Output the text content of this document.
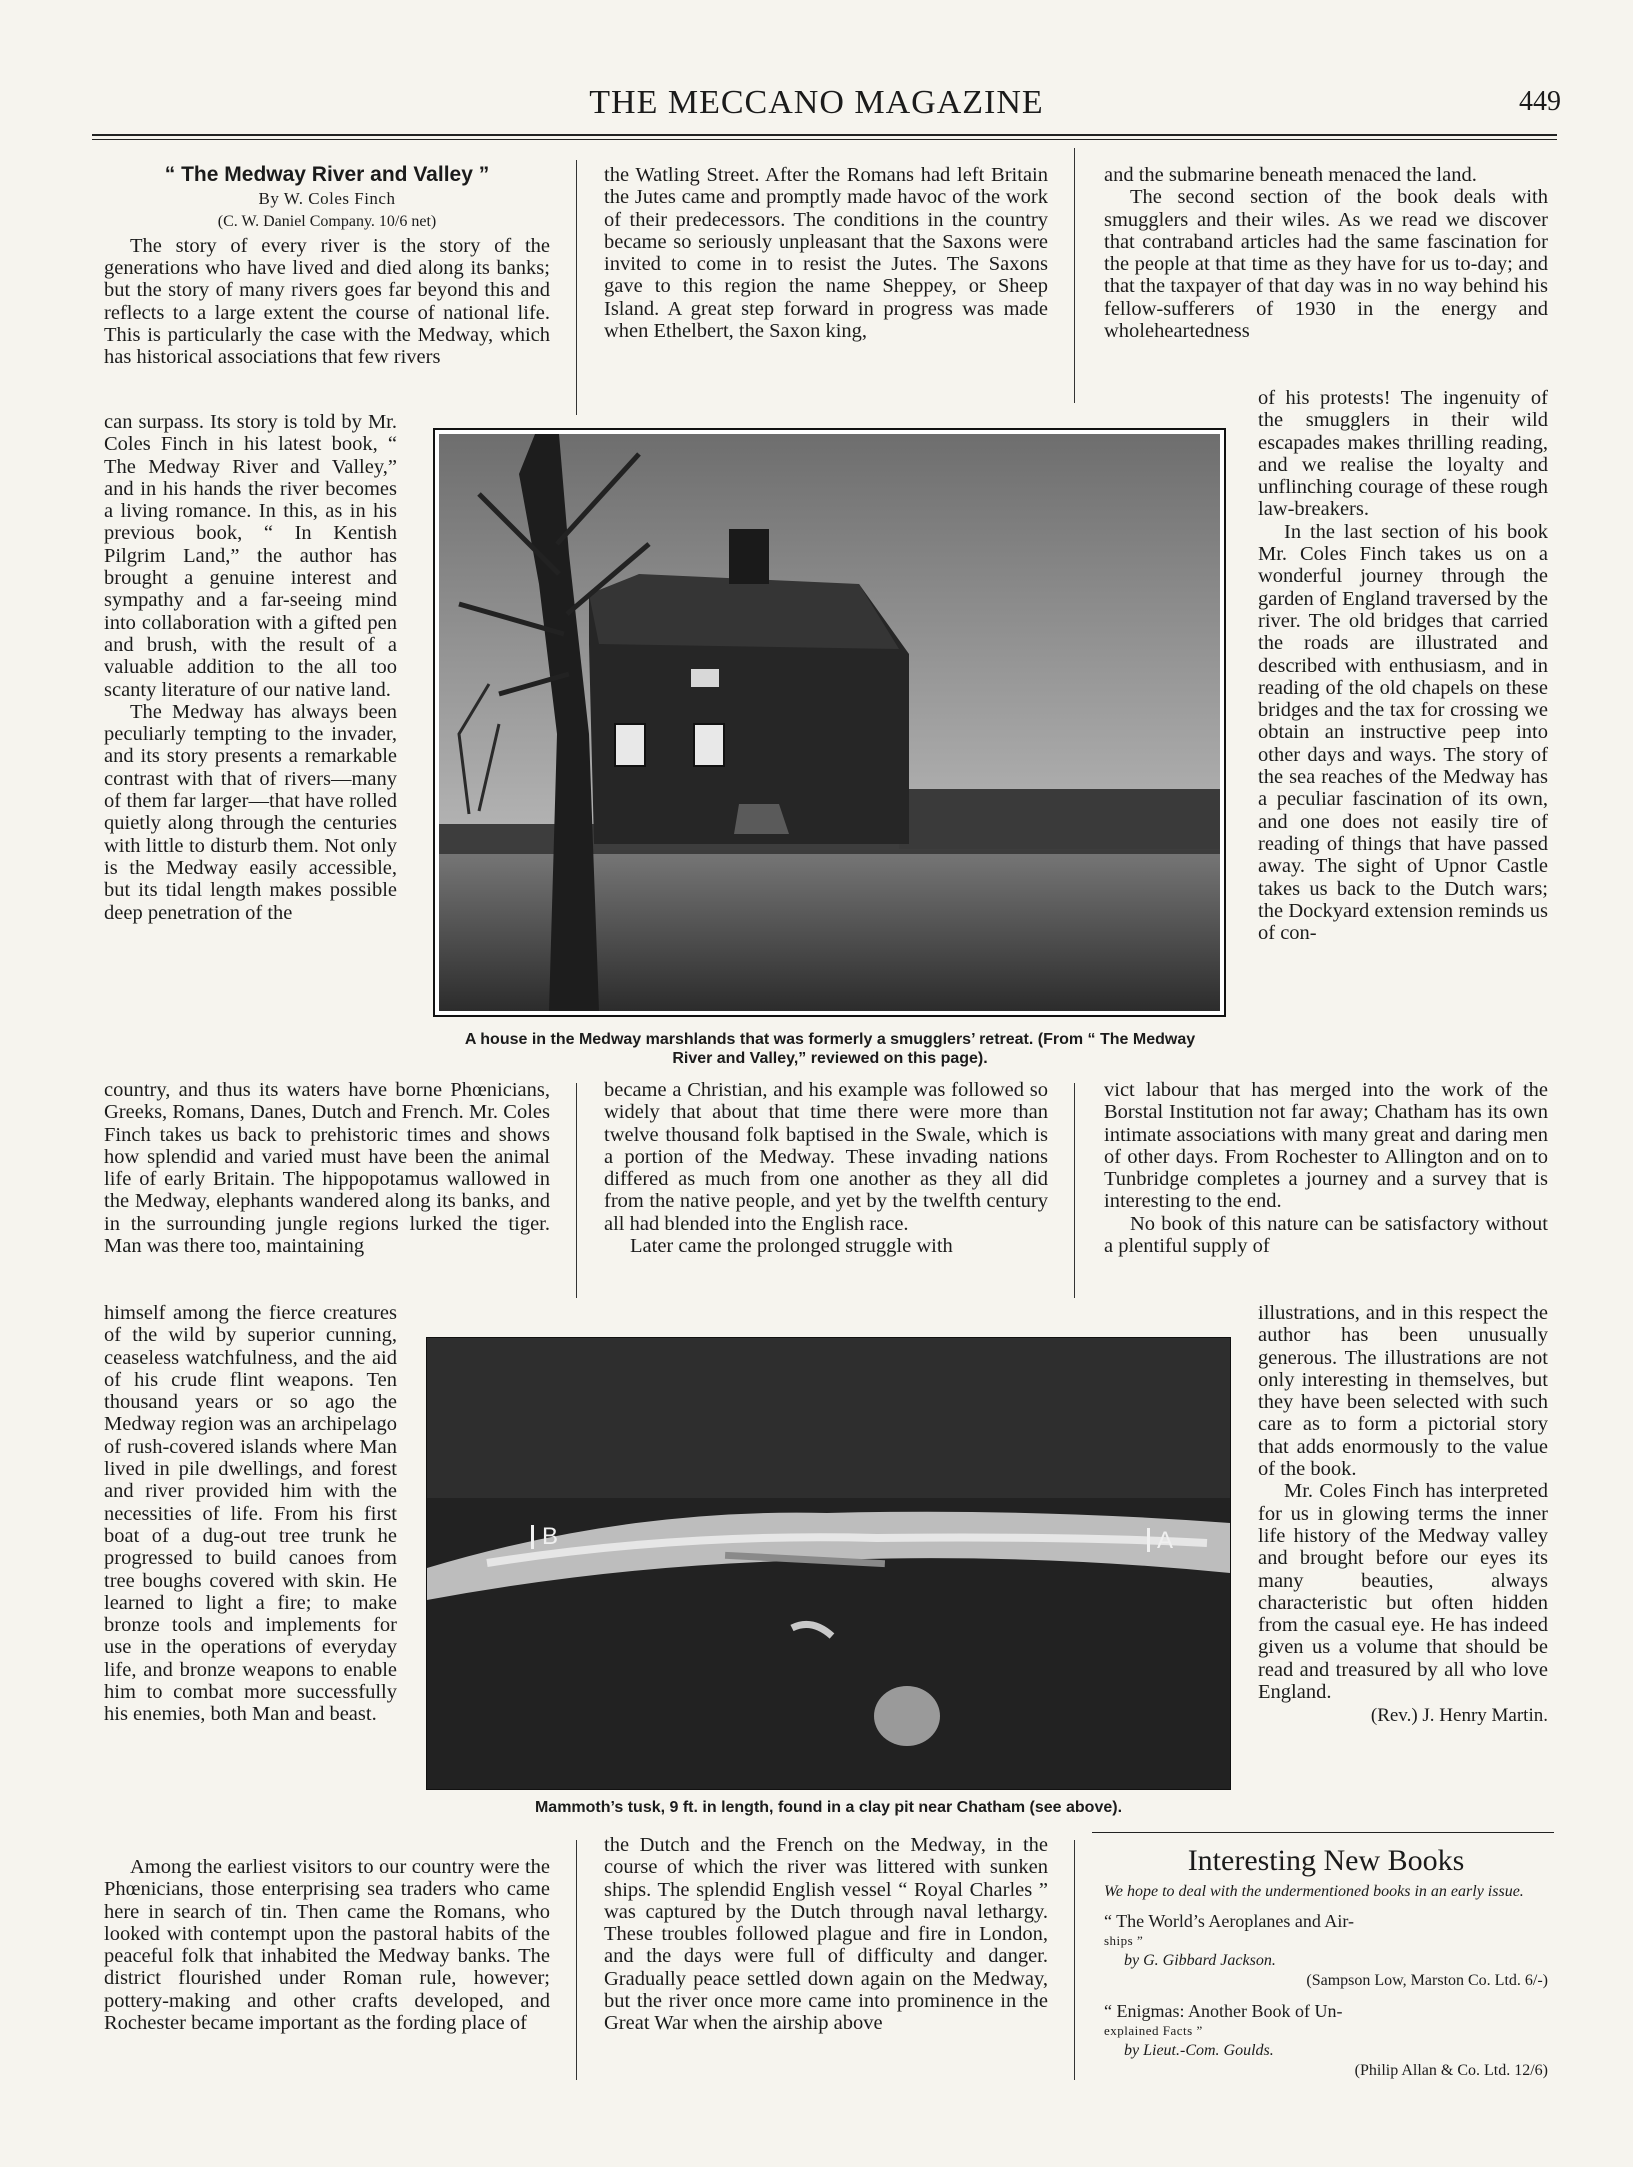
THE MECCANO MAGAZINE	449
“ The Medway River and Valley ”
By W. Coles Finch
(C. W. Daniel Company. 10/6 net)

The story of every river is the story of the generations who have lived and died along its banks; but the story of many rivers goes far beyond this and reflects to a large extent the course of national life. This is particularly the case with the Medway, which has historical associations that few rivers

can surpass. Its story is told by Mr. Coles Finch in his latest book, “ The Medway River and Valley,” and in his hands the river becomes a living romance. In this, as in his previous book, “ In Kentish Pilgrim Land,” the author has brought a genuine interest and sympathy and a far-seeing mind into collaboration with a gifted pen and brush, with the result of a valuable addition to the all too scanty literature of our native land.

The Medway has always been peculiarly tempting to the invader, and its story presents a remarkable contrast with that of rivers—many of them far larger—that have rolled quietly along through the centuries with little to disturb them. Not only is the Medway easily accessible, but its tidal length makes possible deep penetration of the

country, and thus its waters have borne Phœnicians, Greeks, Romans, Danes, Dutch and French. Mr. Coles Finch takes us back to prehistoric times and shows how splendid and varied must have been the animal life of early Britain. The hippopotamus wallowed in the Medway, elephants wandered along its banks, and in the surrounding jungle regions lurked the tiger. Man was there too, maintaining

himself among the fierce creatures of the wild by superior cunning, ceaseless watchfulness, and the aid of his crude flint weapons. Ten thousand years or so ago the Medway region was an archipelago of rush-covered islands where Man lived in pile dwellings, and forest and river provided him with the necessities of life. From his first boat of a dug-out tree trunk he progressed to build canoes from tree boughs covered with skin. He learned to light a fire; to make bronze tools and implements for use in the operations of everyday life, and bronze weapons to enable him to combat more successfully his enemies, both Man and beast.

Among the earliest visitors to our country were the Phœnicians, those enterprising sea traders who came here in search of tin. Then came the Romans, who looked with contempt upon the pastoral habits of the peaceful folk that inhabited the Medway banks. The district flourished under Roman rule, however; pottery-making and other crafts developed, and Rochester became important as the fording place of

the Watling Street. After the Romans had left Britain the Jutes came and promptly made havoc of the work of their predecessors. The conditions in the country became so seriously unpleasant that the Saxons were invited to come in to resist the Jutes. The Saxons gave to this region the name Sheppey, or Sheep Island. A great step forward in progress was made when Ethelbert, the Saxon king,

became a Christian, and his example was followed so widely that about that time there were more than twelve thousand folk baptised in the Swale, which is a portion of the Medway. These invading nations differed as much from one another as they all did from the native people, and yet by the twelfth century all had blended into the English race.

Later came the prolonged struggle with

the Dutch and the French on the Medway, in the course of which the river was littered with sunken ships. The splendid English vessel “ Royal Charles ” was captured by the Dutch through naval lethargy. These troubles followed plague and fire in London, and the days were full of difficulty and danger. Gradually peace settled down again on the Medway, but the river once more came into prominence in the Great War when the airship above

and the submarine beneath menaced the land.

The second section of the book deals with smugglers and their wiles. As we read we discover that contraband articles had the same fascination for the people at that time as they have for us to-day; and that the taxpayer of that day was in no way behind his fellow-sufferers of 1930 in the energy and wholeheartedness

of his protests! The ingenuity of the smugglers in their wild escapades makes thrilling reading, and we realise the loyalty and unflinching courage of these rough law-breakers.

In the last section of his book Mr. Coles Finch takes us on a wonderful journey through the garden of England traversed by the river. The old bridges that carried the roads are illustrated and described with enthusiasm, and in reading of the old chapels on these bridges and the tax for crossing we obtain an instructive peep into other days and ways. The story of the sea reaches of the Medway has a peculiar fascination of its own, and one does not easily tire of reading of things that have passed away. The sight of Upnor Castle takes us back to the Dutch wars; the Dockyard extension reminds us of con-

vict labour that has merged into the work of the Borstal Institution not far away; Chatham has its own intimate associations with many great and daring men of other days. From Rochester to Allington and on to Tunbridge completes a journey and a survey that is interesting to the end.

No book of this nature can be satisfactory without a plentiful supply of

illustrations, and in this respect the author has been unusually generous. The illustrations are not only interesting in themselves, but they have been selected with such care as to form a pictorial story that adds enormously to the value of the book.

Mr. Coles Finch has interpreted for us in glowing terms the inner life history of the Medway valley and brought before our eyes its many beauties, always characteristic but often hidden from the casual eye. He has indeed given us a volume that should be read and treasured by all who love England.

(Rev.) J. Henry Martin.
A house in the Medway marshlands that was formerly a smugglers’ retreat. (From “ The Medway
River and Valley,” reviewed on this page).
B	A
Mammoth’s tusk, 9 ft. in length, found in a clay pit near Chatham (see above).
Interesting New Books
We hope to deal with the undermentioned books in an early issue.
“ The World’s Aeroplanes and Air-
ships ”
by G. Gibbard Jackson.
(Sampson Low, Marston Co. Ltd. 6/-)
“ Enigmas: Another Book of Un-
explained Facts ”
by Lieut.-Com. Goulds.
(Philip Allan & Co. Ltd. 12/6)
